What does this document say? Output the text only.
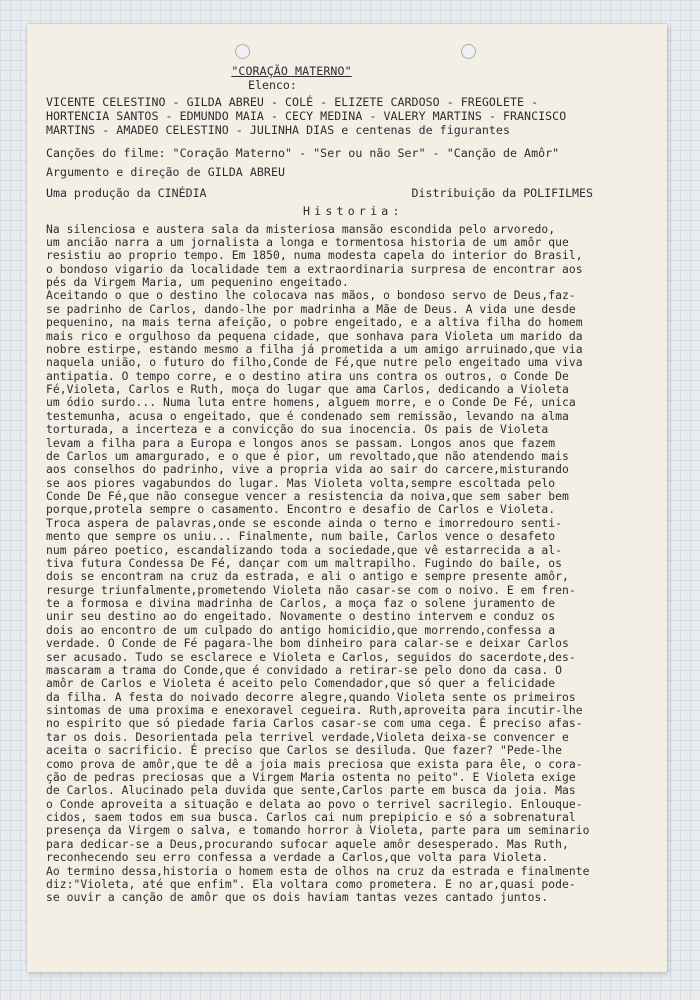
"CORAÇÃO MATERNO"
Elenco:
VICENTE CELESTINO - GILDA ABREU - COLÉ - ELIZETE CARDOSO - FREGOLETE -
HORTENCIA SANTOS - EDMUNDO MAIA - CECY MEDINA - VALERY MARTINS - FRANCISCO
MARTINS - AMADEO CELESTINO - JULINHA DIAS e centenas de figurantes
Canções do filme: "Coração Materno" - "Ser ou não Ser" - "Canção de Amôr"
Argumento e direção de GILDA ABREU
Uma produção da CINÉDIA	Distribuição da POLIFILMES
Historia:
Na silenciosa e austera sala da misteriosa mansão escondida pelo arvoredo,
um ancião narra a um jornalista a longa e tormentosa historia de um amôr que
resistiu ao proprio tempo. Em 1850, numa modesta capela do interior do Brasil,
o bondoso vigario da localidade tem a extraordinaria surpresa de encontrar aos
pés da Virgem Maria, um pequenino engeitado.
Aceitando o que o destino lhe colocava nas mãos, o bondoso servo de Deus,faz-
se padrinho de Carlos, dando-lhe por madrinha a Mãe de Deus. A vida une desde
pequenino, na mais terna afeição, o pobre engeitado, e a altiva filha do homem
mais rico e orgulhoso da pequena cidade, que sonhava para Violeta um marido da
nobre estirpe, estando mesmo a filha já prometida a um amigo arruinado,que via
naquela união, o futuro do filho,Conde de Fé,que nutre pelo engeitado uma viva
antipatia. O tempo corre, e o destino atira uns contra os outros, o Conde De
Fé,Violeta, Carlos e Ruth, moça do lugar que ama Carlos, dedicando a Violeta
um ódio surdo... Numa luta entre homens, alguem morre, e o Conde De Fé, unica
testemunha, acusa o engeitado, que é condenado sem remissão, levando na alma
torturada, a incerteza e a convicção do sua inocencia. Os pais de Violeta
levam a filha para a Europa e longos anos se passam. Longos anos que fazem
de Carlos um amargurado, e o que é pior, um revoltado,que não atendendo mais
aos conselhos do padrinho, vive a propria vida ao sair do carcere,misturando
se aos piores vagabundos do lugar. Mas Violeta volta,sempre escoltada pelo
Conde De Fé,que não consegue vencer a resistencia da noiva,que sem saber bem
porque,protela sempre o casamento. Encontro e desafio de Carlos e Violeta.
Troca aspera de palavras,onde se esconde ainda o terno e imorredouro senti-
mento que sempre os uniu... Finalmente, num baile, Carlos vence o desafeto
num páreo poetico, escandalizando toda a sociedade,que vê estarrecida a al-
tiva futura Condessa De Fé, dançar com um maltrapilho. Fugindo do baile, os
dois se encontram na cruz da estrada, e ali o antigo e sempre presente amôr,
resurge triunfalmente,prometendo Violeta não casar-se com o noivo. E em fren-
te a formosa e divina madrinha de Carlos, a moça faz o solene juramento de
unir seu destino ao do engeitado. Novamente o destino intervem e conduz os
dois ao encontro de um culpado do antigo homicidio,que morrendo,confessa a
verdade. O Conde de Fé pagara-lhe bom dinheiro para calar-se e deixar Carlos
ser acusado. Tudo se esclarece e Violeta e Carlos, seguidos do sacerdote,des-
mascaram a trama do Conde,que é convidado a retirar-se pelo dono da casa. O
amôr de Carlos e Violeta é aceito pelo Comendador,que só quer a felicidade
da filha. A festa do noivado decorre alegre,quando Violeta sente os primeiros
sintomas de uma proxima e enexoravel cegueira. Ruth,aproveita para incutir-lhe
no espirito que só piedade faria Carlos casar-se com uma cega. É preciso afas-
tar os dois. Desorientada pela terrivel verdade,Violeta deixa-se convencer e
aceita o sacrificio. É preciso que Carlos se desiluda. Que fazer? "Pede-lhe
como prova de amôr,que te dê a joia mais preciosa que exista para êle, o cora-
ção de pedras preciosas que a Virgem Maria ostenta no peito". E Violeta exige
de Carlos. Alucinado pela duvida que sente,Carlos parte em busca da joia. Mas
o Conde aproveita a situação e delata ao povo o terrivel sacrilegio. Enlouque-
cidos, saem todos em sua busca. Carlos cai num prepipicio e só a sobrenatural
presença da Virgem o salva, e tomando horror à Violeta, parte para um seminario
para dedicar-se a Deus,procurando sufocar aquele amôr desesperado. Mas Ruth,
reconhecendo seu erro confessa a verdade a Carlos,que volta para Violeta.
Ao termino dessa,historia o homem esta de olhos na cruz da estrada e finalmente
diz:"Violeta, até que enfim". Ela voltara como prometera. E no ar,quasi pode-
se ouvir a canção de amôr que os dois haviam tantas vezes cantado juntos.
